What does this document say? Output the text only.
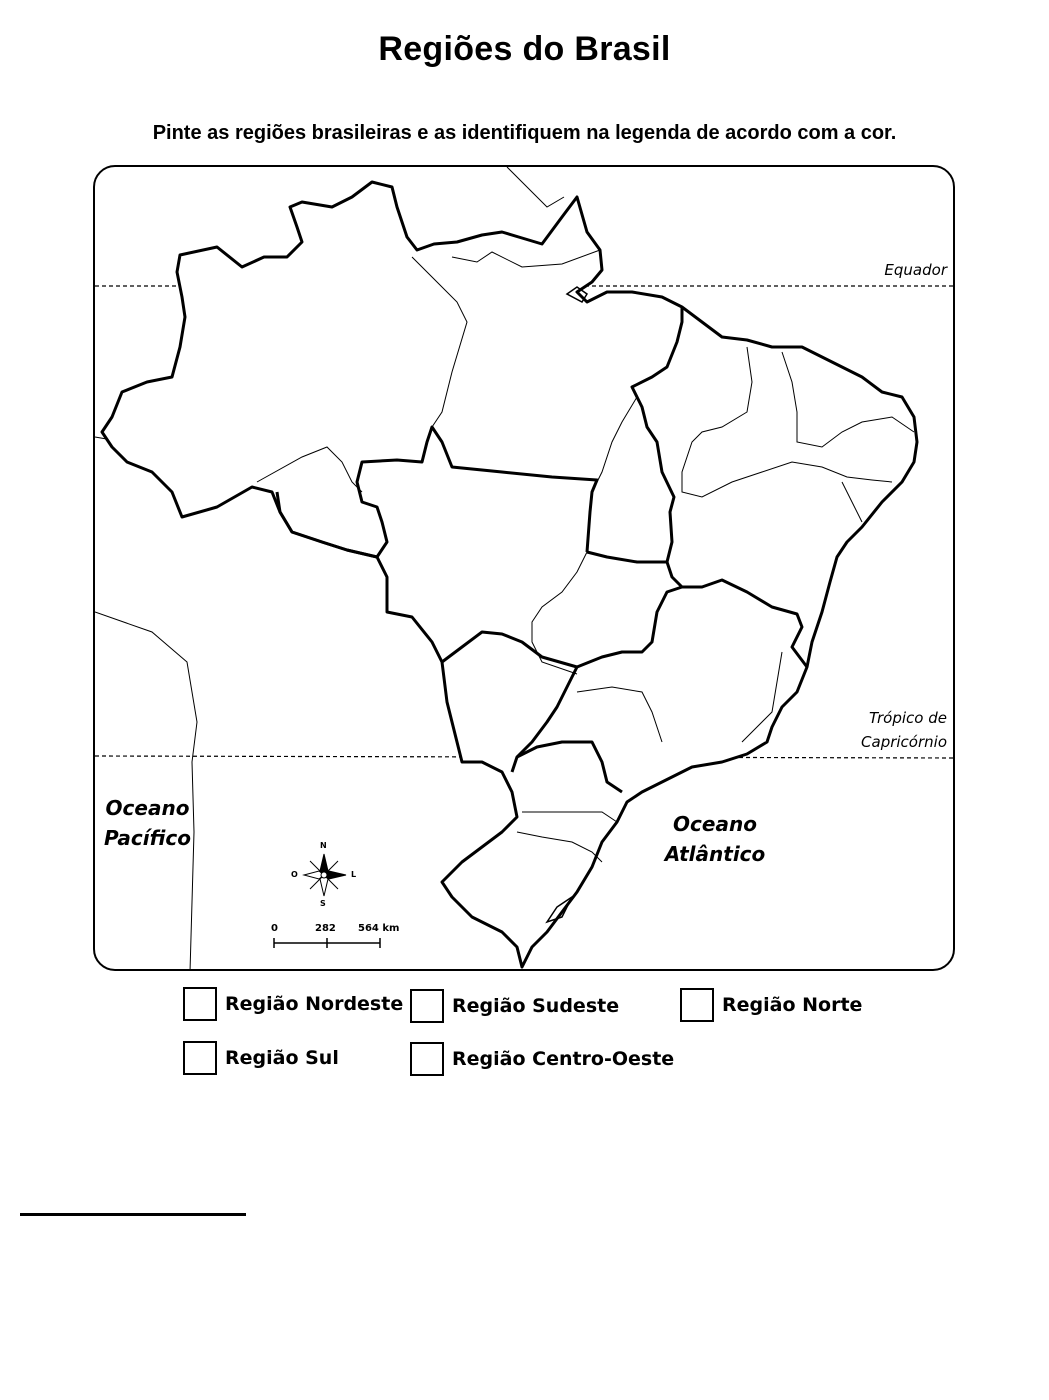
Regiões do Brasil
Pinte as regiões brasileiras e as identifiquem na legenda de acordo com a cor.
Equador
Trópico de
Capricórnio
Oceano
Pacífico
Oceano
Atlântico
N
S
L
O
0	282 564 km
Região Nordeste	Região Sudeste	Região Norte
Região Sul	Região Centro-Oeste
